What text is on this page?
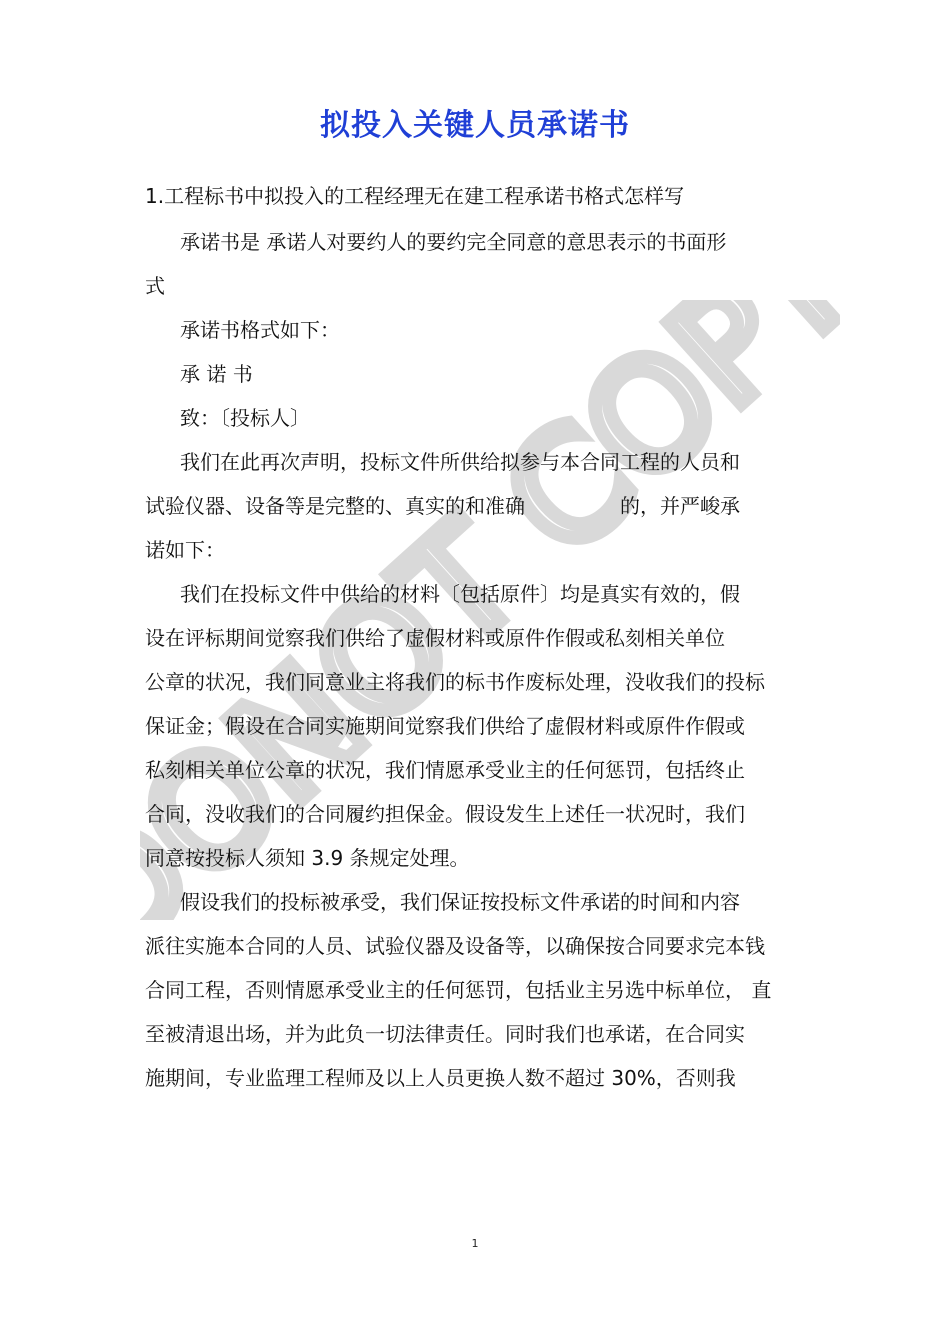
DONOT COPY
拟投入关键人员承诺书
1.工程标书中拟投入的工程经理无在建工程承诺书格式怎样写
承诺书是 承诺人对要约人的要约完全同意的意思表示的书面形
式
承诺书格式如下：
承 诺 书
致：〔投标人〕
我们在此再次声明，投标文件所供给拟参与本合同工程的人员和
试验仪器、设备等是完整的、真实的和准确	的，并严峻承
诺如下：
我们在投标文件中供给的材料〔包括原件〕均是真实有效的，假
设在评标期间觉察我们供给了虚假材料或原件作假或私刻相关单位
公章的状况，我们同意业主将我们的标书作废标处理，没收我们的投标
保证金；假设在合同实施期间觉察我们供给了虚假材料或原件作假或
私刻相关单位公章的状况，我们情愿承受业主的任何惩罚，包括终止
合同，没收我们的合同履约担保金。假设发生上述任一状况时，我们
同意按投标人须知 3.9 条规定处理。
假设我们的投标被承受，我们保证按投标文件承诺的时间和内容
派往实施本合同的人员、试验仪器及设备等，以确保按合同要求完本钱
合同工程，否则情愿承受业主的任何惩罚，包括业主另选中标单位， 直
至被清退出场，并为此负一切法律责任。同时我们也承诺，在合同实
施期间，专业监理工程师及以上人员更换人数不超过 30%，否则我
1
